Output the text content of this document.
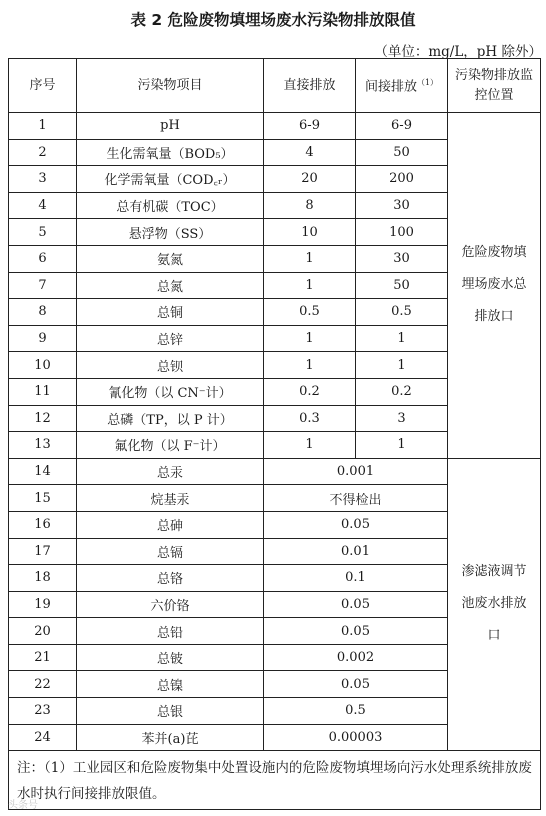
表 2 危险废物填埋场废水污染物排放限值
（单位：mg/L，pH 除外）
序号	污染物项目	直接排放	间接排放$^{(1)}$	污染物排放监控位置
1	pH	6-9	6-9	危险废物填埋场废水总排放口
2	生化需氧量（BOD₅）	4	50	
3	化学需氧量（COD꜀ᵣ）	20	200	
4	总有机碳（TOC）	8	30	
5	悬浮物（SS）	10	100	
6	氨氮	1	30	
7	总氮	1	50	
8	总铜	0.5	0.5	
9	总锌	1	1	
10	总钡	1	1	
11	氰化物（以 CN⁻计）	0.2	0.2	
12	总磷（TP，以 P 计）	0.3	3	
13	氟化物（以 F⁻计）	1	1	
14	总汞	0.001		渗滤液调节池废水排放口
15	烷基汞	不得检出		
16	总砷	0.05		
17	总镉	0.01		
18	总铬	0.1		
19	六价铬	0.05		
20	总铅	0.05		
21	总铍	0.002		
22	总镍	0.05		
23	总银	0.5		
24	苯并(a)芘	0.00003		
注：（1）工业园区和危险废物集中处置设施内的危险废物填埋场向污水处理系统排放废水时执行间接排放限值。				
头条号
